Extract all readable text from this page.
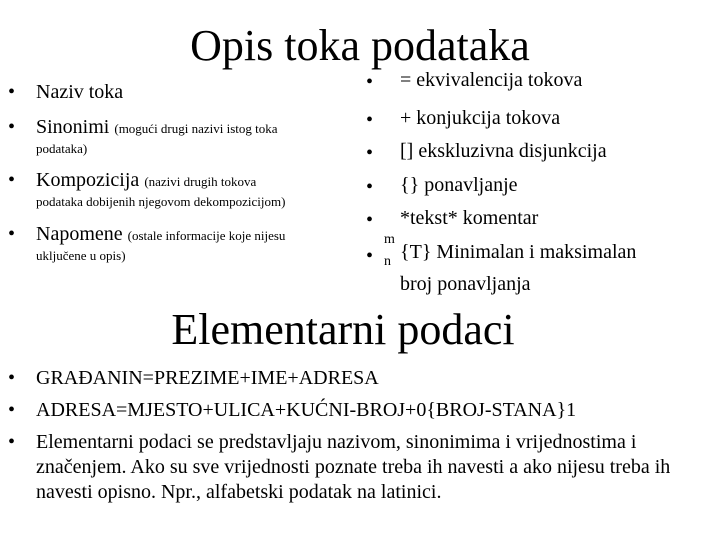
Opis toka podataka
• Naziv toka
• Sinonimi (mogući drugi nazivi istog toka
podataka)
• Kompozicija (nazivi drugih tokova
podataka dobijenih njegovom dekompozicijom)
• Napomene (ostale informacije koje nijesu
uključene u opis)
• = ekvivalencija tokova
• + konjukcija tokova
• [] ekskluzivna disjunkcija
• {} ponavljanje
• *tekst* komentar
•
m
n {T} Minimalan i maksimalan
broj ponavljanja
Elementarni podaci
• GRAĐANIN=PREZIME+IME+ADRESA
• ADRESA=MJESTO+ULICA+KUĆNI-BROJ+0{BROJ-STANA}1
• Elementarni podaci se predstavljaju nazivom, sinonimima i vrijednostima i značenjem. Ako su sve vrijednosti poznate treba ih navesti a ako nijesu treba ih navesti opisno. Npr., alfabetski podatak na latinici.
